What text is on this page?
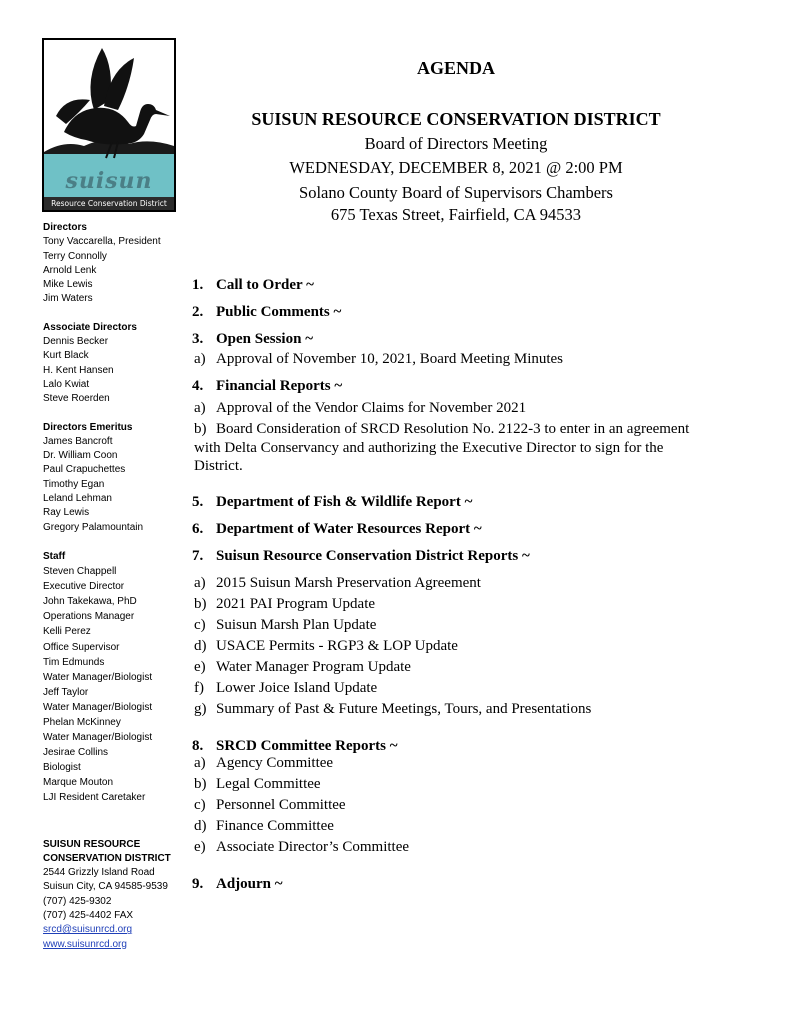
suisun
Resource Conservation District
Directors
Tony Vaccarella, President
Terry Connolly
Arnold Lenk
Mike Lewis
Jim Waters
Associate Directors
Dennis Becker
Kurt Black
H. Kent Hansen
Lalo Kwiat
Steve Roerden
Directors Emeritus
James Bancroft
Dr. William Coon
Paul Crapuchettes
Timothy Egan
Leland Lehman
Ray Lewis
Gregory Palamountain
Staff
Steven Chappell
Executive Director
John Takekawa, PhD
Operations Manager
Kelli Perez
Office Supervisor
Tim Edmunds
Water Manager/Biologist
Jeff Taylor
Water Manager/Biologist
Phelan McKinney
Water Manager/Biologist
Jesirae Collins
Biologist
Marque Mouton
LJI Resident Caretaker
SUISUN RESOURCE
CONSERVATION DISTRICT
2544 Grizzly Island Road
Suisun City, CA 94585-9539
(707) 425-9302
(707) 425-4402 FAX
srcd@suisunrcd.org
www.suisunrcd.org
AGENDA
SUISUN RESOURCE CONSERVATION DISTRICT
Board of Directors Meeting
WEDNESDAY, DECEMBER 8, 2021 @ 2:00 PM
Solano County Board of Supervisors Chambers
675 Texas Street, Fairfield, CA 94533
1. Call to Order ~
2. Public Comments ~
3. Open Session ~
a) Approval of November 10, 2021, Board Meeting Minutes
4. Financial Reports ~
a) Approval of the Vendor Claims for November 2021
b) Board Consideration of SRCD Resolution No. 2122-3 to enter in an agreement with Delta Conservancy and authorizing the Executive Director to sign for the District.
5. Department of Fish & Wildlife Report ~
6. Department of Water Resources Report ~
7. Suisun Resource Conservation District Reports ~
a) 2015 Suisun Marsh Preservation Agreement
b) 2021 PAI Program Update
c) Suisun Marsh Plan Update
d) USACE Permits - RGP3 & LOP Update
e) Water Manager Program Update
f) Lower Joice Island Update
g) Summary of Past & Future Meetings, Tours, and Presentations
8. SRCD Committee Reports ~
a) Agency Committee
b) Legal Committee
c) Personnel Committee
d) Finance Committee
e) Associate Director’s Committee
9. Adjourn ~
